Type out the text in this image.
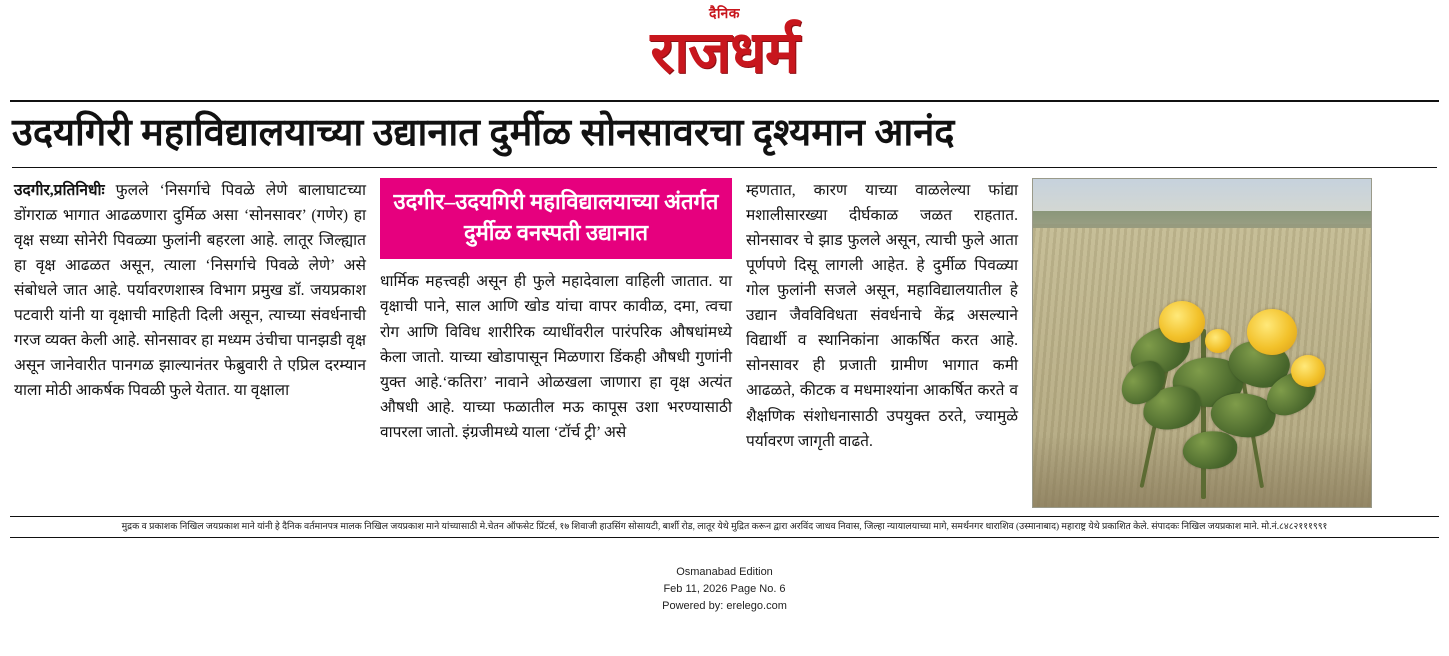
दैनिक
राजधर्म
उदयगिरी महाविद्यालयाच्या उद्यानात दुर्मीळ सोनसावरचा दृश्यमान आनंद
उदगीर,प्रतिनिधीः फुलले ‘निसर्गाचे पिवळे लेणे बालाघाटच्या डोंगराळ भागात आढळणारा दुर्मिळ असा ‘सोनसावर’ (गणेर) हा वृक्ष सध्या सोनेरी पिवळ्या फुलांनी बहरला आहे. लातूर जिल्ह्यात हा वृक्ष आढळत असून, त्याला ‘निसर्गाचे पिवळे लेणे’ असे संबोधले जात आहे. पर्यावरणशास्त्र विभाग प्रमुख डॉ. जयप्रकाश पटवारी यांनी या वृक्षाची माहिती दिली असून, त्याच्या संवर्धनाची गरज व्यक्त केली आहे. सोनसावर हा मध्यम उंचीचा पानझडी वृक्ष असून जानेवारीत पानगळ झाल्यानंतर फेब्रुवारी ते एप्रिल दरम्यान याला मोठी आकर्षक पिवळी फुले येतात. या वृक्षाला
उदगीर–उदयगिरी महाविद्यालयाच्या अंतर्गत दुर्मीळ वनस्पती उद्यानात
धार्मिक महत्त्वही असून ही फुले महादेवाला वाहिली जातात. या वृक्षाची पाने, साल आणि खोड यांचा वापर कावीळ, दमा, त्वचा रोग आणि विविध शारीरिक व्याधींवरील पारंपरिक औषधांमध्ये केला जातो. याच्या खोडापासून मिळणारा डिंकही औषधी गुणांनी युक्त आहे.‘कतिरा’ नावाने ओळखला जाणारा हा वृक्ष अत्यंत औषधी आहे. याच्या फळातील मऊ कापूस उशा भरण्यासाठी वापरला जातो. इंग्रजीमध्ये याला ‘टॉर्च ट्री’ असे
म्हणतात, कारण याच्या वाळलेल्या फांद्या मशालीसारख्या दीर्घकाळ जळत राहतात. सोनसावर चे झाड फुलले असून, त्याची फुले आता पूर्णपणे दिसू लागली आहेत. हे दुर्मीळ पिवळ्या गोल फुलांनी सजले असून, महाविद्यालयातील हे उद्यान जैवविविधता संवर्धनाचे केंद्र असल्याने विद्यार्थी व स्थानिकांना आकर्षित करत आहे. सोनसावर ही प्रजाती ग्रामीण भागात कमी आढळते, कीटक व मधमाश्यांना आकर्षित करते व शैक्षणिक संशोधनासाठी उपयुक्त ठरते, ज्यामुळे पर्यावरण जागृती वाढते.
मुद्रक व प्रकाशक निखिल जयप्रकाश माने यांनी हे दैनिक वर्तमानपत्र मालक निखिल जयप्रकाश माने यांच्यासाठी मे.चेतन ऑफसेट प्रिंटर्स, १७ शिवाजी हाउसिंग सोसायटी, बार्शी रोड, लातूर येथे मुद्रित करून द्वारा अरविंद जाधव निवास, जिल्हा न्यायालयाच्या मागे, समर्थनगर धाराशिव (उस्मानाबाद) महाराष्ट्र येथे प्रकाशित केले. संपादकः निखिल जयप्रकाश माने. मो.नं.८४८२१११९९१
Osmanabad Edition
Feb 11, 2026 Page No. 6
Powered by: erelego.com
